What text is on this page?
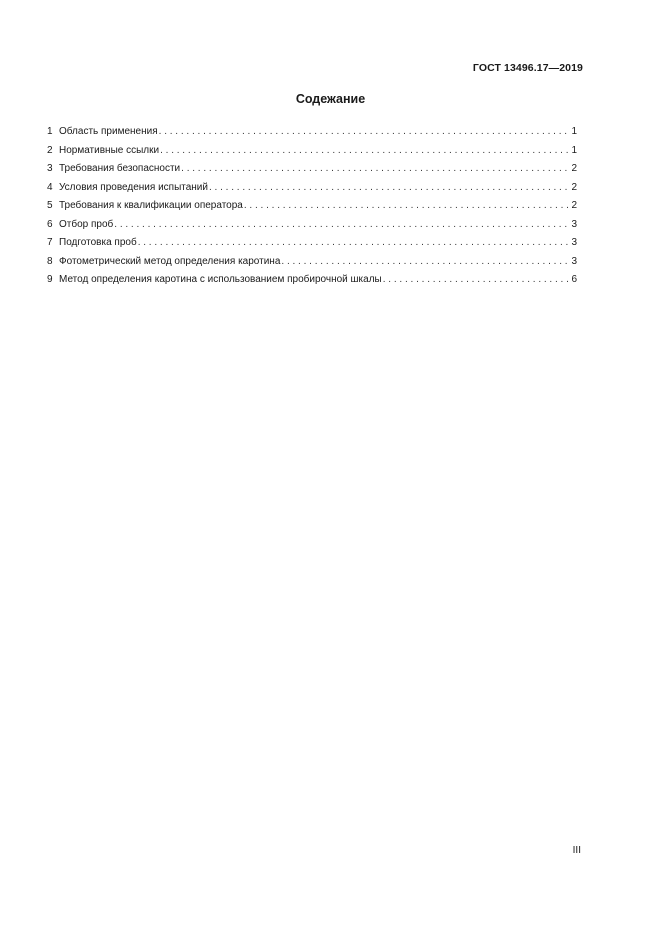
ГОСТ 13496.17—2019
Содежание
1 Область применения . . .	1
2 Нормативные ссылки . . .	1
3 Требования безопасности . . .	2
4 Условия проведения испытаний . . .	2
5 Требования к квалификации оператора . . .	2
6 Отбор проб . . .	3
7 Подготовка проб . . .	3
8 Фотометрический метод определения каротина . . .	3
9 Метод определения каротина с использованием пробирочной шкалы . . .	6
III
